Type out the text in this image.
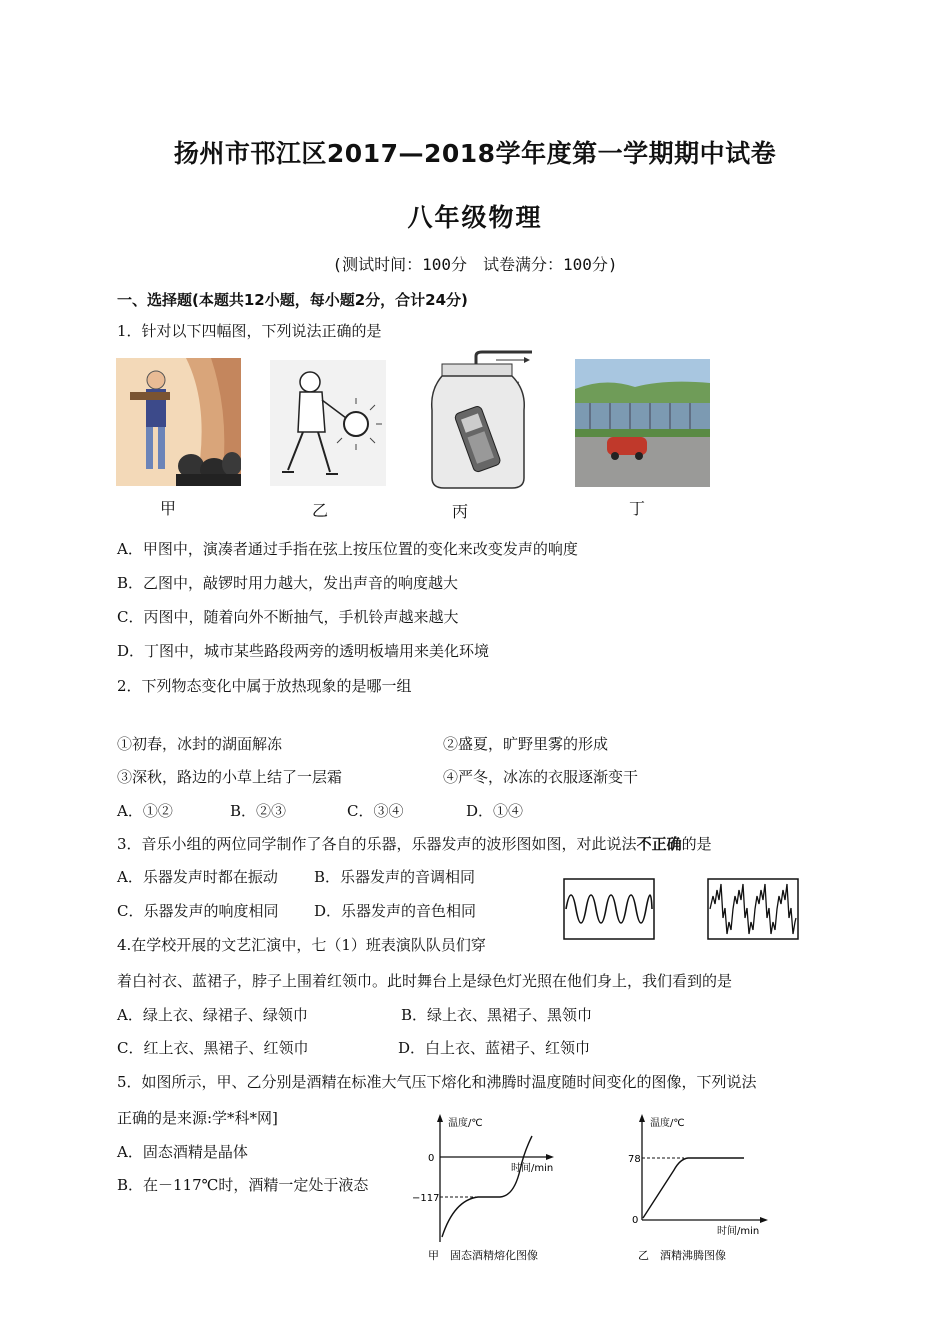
扬州市邗江区2017—2018学年度第一学期期中试卷
八年级物理
(测试时间：100分　试卷满分：100分)
一、选择题(本题共12小题，每小题2分，合计24分)
1．针对以下四幅图，下列说法正确的是
甲	乙	丙	丁
A．甲图中，演凑者通过手指在弦上按压位置的变化来改变发声的响度
B．乙图中，敲锣时用力越大，发出声音的响度越大
C．丙图中，随着向外不断抽气，手机铃声越来越大
D．丁图中，城市某些路段两旁的透明板墙用来美化环境
2．下列物态变化中属于放热现象的是哪一组
①初春，冰封的湖面解冻	②盛夏，旷野里雾的形成
③深秋，路边的小草上结了一层霜	④严冬，冰冻的衣服逐渐变干
A．①②	B．②③	C．③④	D．①④
3．音乐小组的两位同学制作了各自的乐器，乐器发声的波形图如图，对此说法不正确的是
A．乐器发声时都在振动 B．乐器发声的音调相同
C．乐器发声的响度相同 D．乐器发声的音色相同
4.在学校开展的文艺汇演中，七（1）班表演队队员们穿
着白衬衣、蓝裙子，脖子上围着红领巾。此时舞台上是绿色灯光照在他们身上，我们看到的是
A．绿上衣、绿裙子、绿领巾	B．绿上衣、黑裙子、黑领巾
C．红上衣、黑裙子、红领巾	D．白上衣、蓝裙子、红领巾
5．如图所示，甲、乙分别是酒精在标准大气压下熔化和沸腾时温度随时间变化的图像，下列说法
正确的是来源:学*科*网]
A．固态酒精是晶体
B．在－117℃时，酒精一定处于液态
温度/℃
时间/min
0
−117
甲　固态酒精熔化图像
温度/℃
时间/min
78
0
乙　酒精沸腾图像
